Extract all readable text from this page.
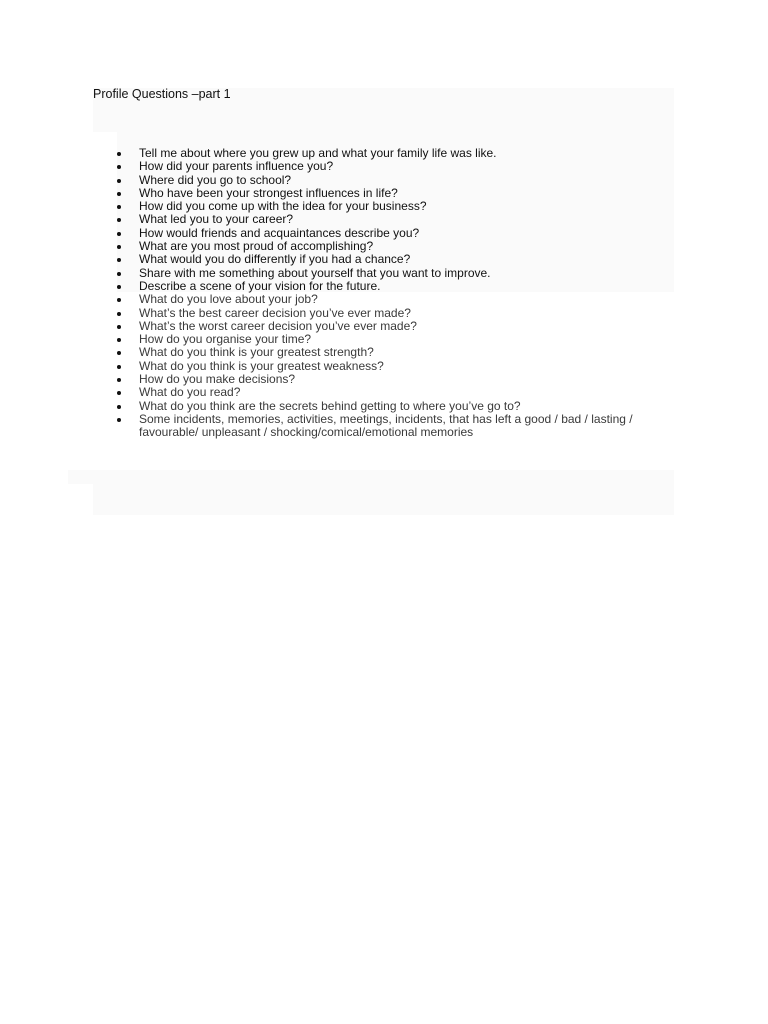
Profile Questions –part 1
Tell me about where you grew up and what your family life was like.
How did your parents influence you?
Where did you go to school?
Who have been your strongest influences in life?
How did you come up with the idea for your business?
What led you to your career?
How would friends and acquaintances describe you?
What are you most proud of accomplishing?
What would you do differently if you had a chance?
Share with me something about yourself that you want to improve.
Describe a scene of your vision for the future.
What do you love about your job?
What’s the best career decision you’ve ever made?
What’s the worst career decision you’ve ever made?
How do you organise your time?
What do you think is your greatest strength?
What do you think is your greatest weakness?
How do you make decisions?
What do you read?
What do you think are the secrets behind getting to where you’ve go to?
Some incidents, memories, activities, meetings, incidents, that has left a good / bad / lasting / favourable/ unpleasant / shocking/comical/emotional memories
